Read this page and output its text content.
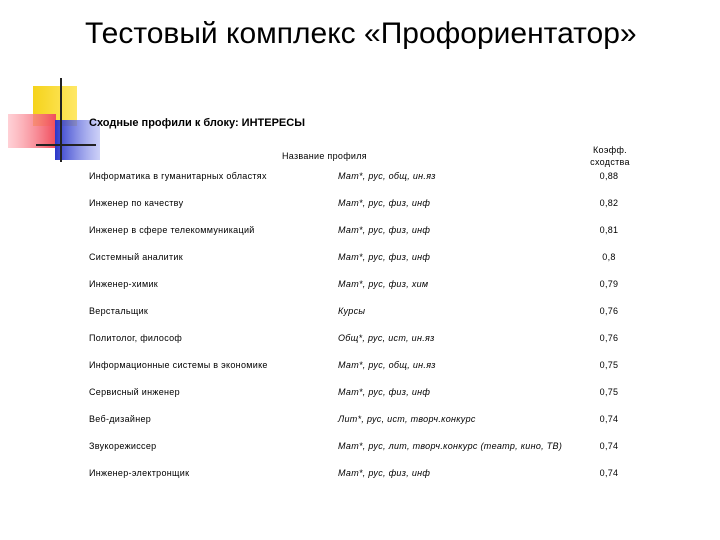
Тестовый комплекс «Профориентатор»
Сходные профили к блоку: ИНТЕРЕСЫ
Название профиля
Коэфф.
сходства
Информатика в гуманитарных областях	Мат*, рус, общ, ин.яз	0,88
Инженер по качеству	Мат*, рус, физ, инф	0,82
Инженер в сфере телекоммуникаций	Мат*, рус, физ, инф	0,81
Системный аналитик	Мат*, рус, физ, инф	0,8
Инженер-химик	Мат*, рус, физ, хим	0,79
Верстальщик	Курсы	0,76
Политолог, философ	Общ*, рус, ист, ин.яз	0,76
Информационные системы в экономике	Мат*, рус, общ, ин.яз	0,75
Сервисный инженер	Мат*, рус, физ, инф	0,75
Веб-дизайнер	Лит*, рус, ист, творч.конкурс	0,74
Звукорежиссер	Мат*, рус, лит, творч.конкурс (театр, кино, ТВ)	0,74
Инженер-электронщик	Мат*, рус, физ, инф	0,74
